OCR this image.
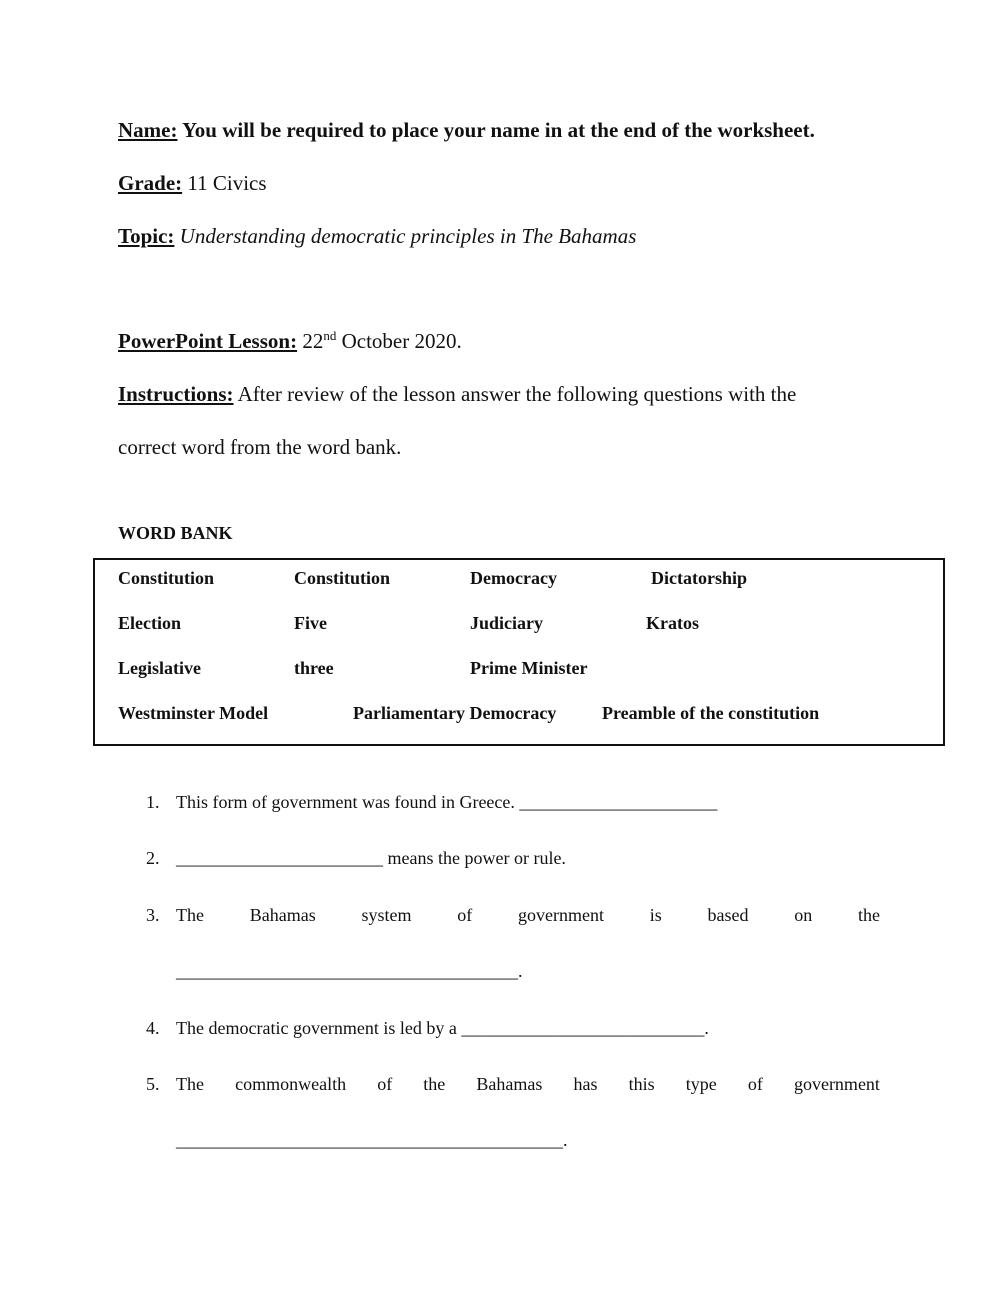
Name: You will be required to place your name in at the end of the worksheet.
Grade: 11 Civics
Topic: Understanding democratic principles in The Bahamas
PowerPoint Lesson: 22nd October 2020.
Instructions: After review of the lesson answer the following questions with the
correct word from the word bank.
WORD BANK
Constitution	Constitution	Democracy	Dictatorship
Election	Five	Judiciary	Kratos
Legislative	three	Prime Minister
Westminster Model	Parliamentary Democracy	Preamble of the constitution
1. This form of government was found in Greece. ______________________
2. _______________________ means the power or rule.
3. The	Bahamas	system	of	government	is	based	on	the
______________________________________.
4. The democratic government is led by a ___________________________.
5. The commonwealth of the Bahamas has this type of government
___________________________________________.
